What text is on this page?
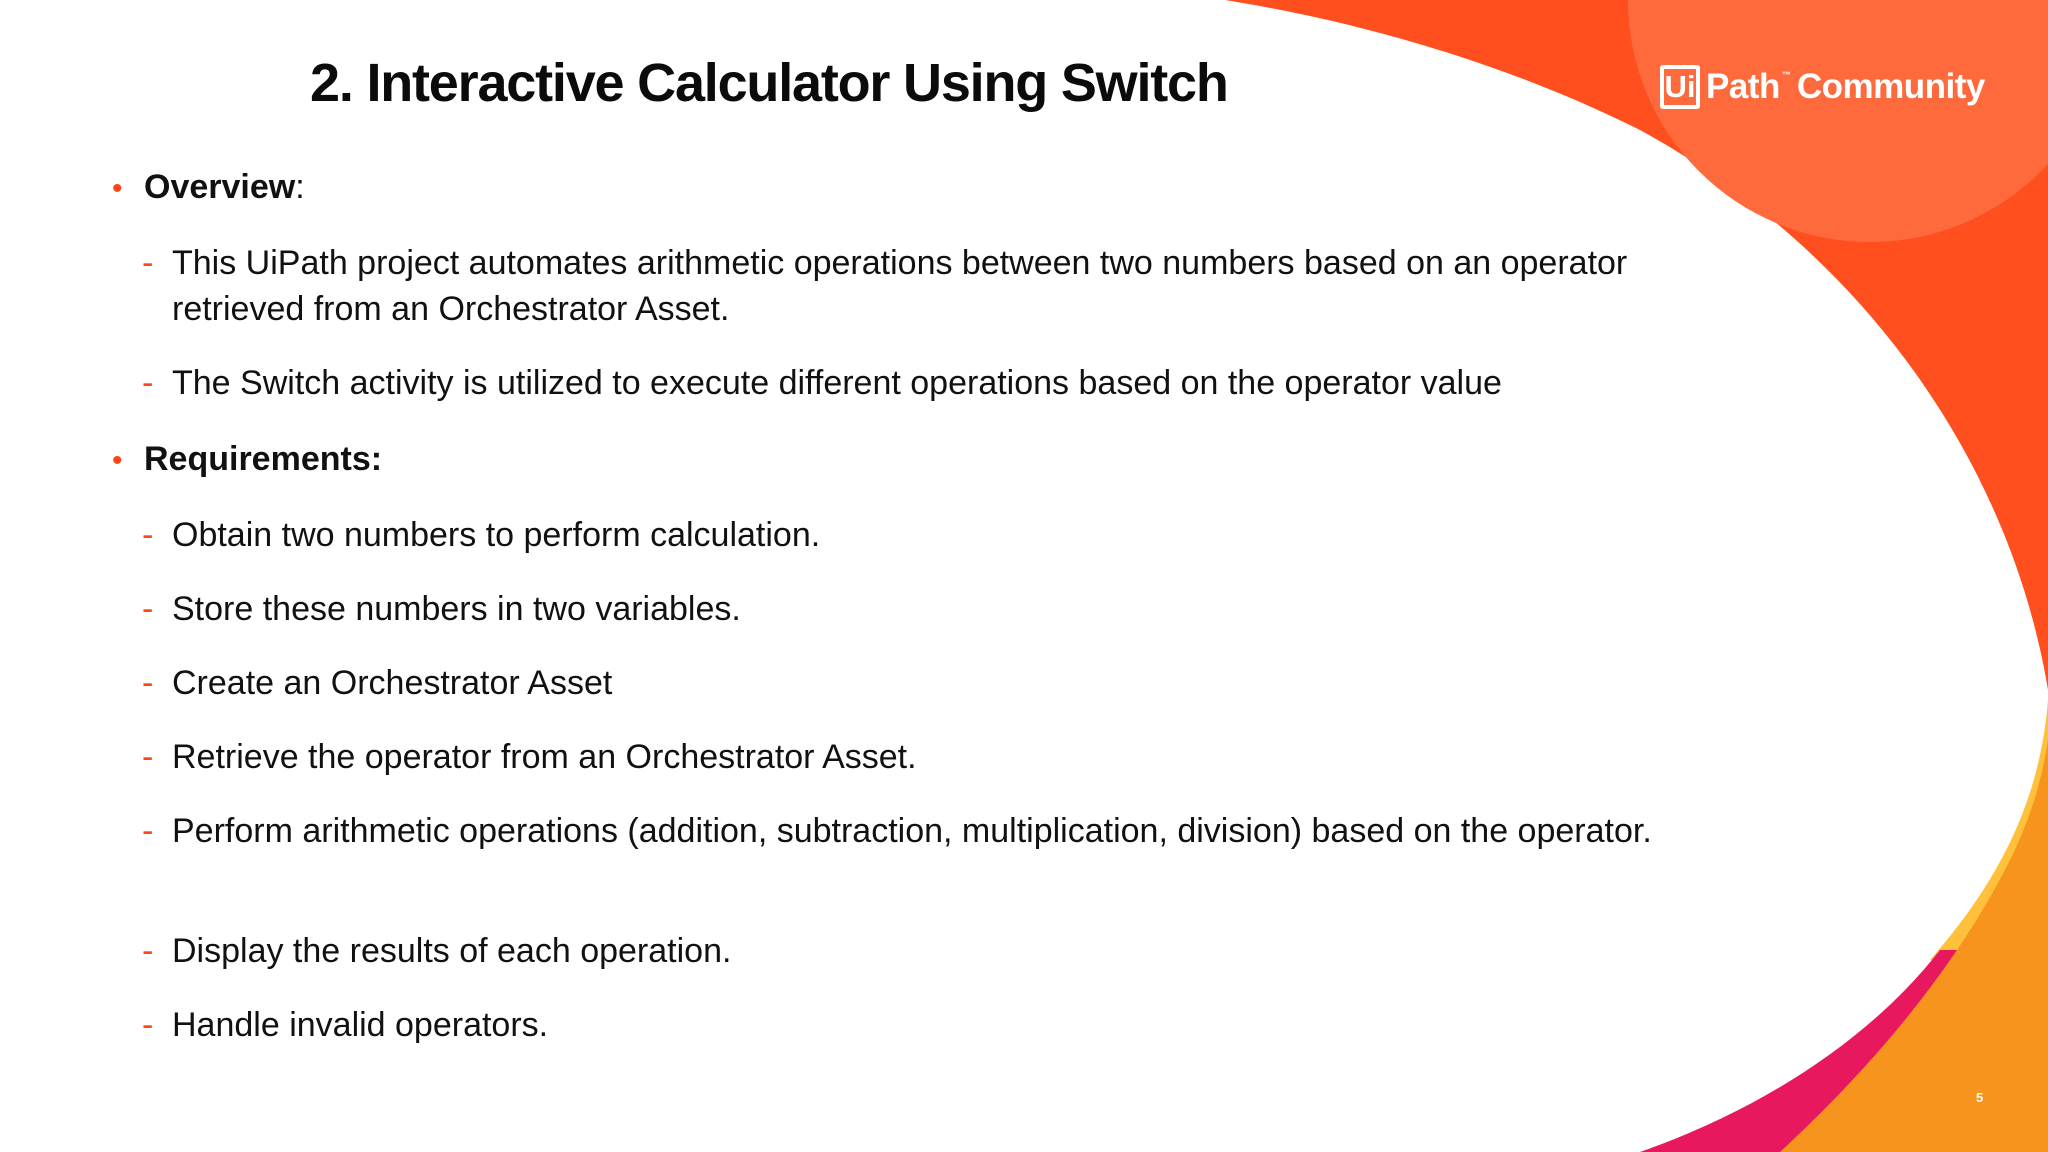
2. Interactive Calculator Using Switch	Ui Path ™ Community
• Overview :
- This UiPath project automates arithmetic operations between two numbers based on an operator retrieved from an Orchestrator Asset.
- The Switch activity is utilized to execute different operations based on the operator value
• Requirements:
- Obtain two numbers to perform calculation.
- Store these numbers in two variables.
- Create an Orchestrator Asset
- Retrieve the operator from an Orchestrator Asset.
- Perform arithmetic operations (addition, subtraction, multiplication, division) based on the operator.
- Display the results of each operation.
- Handle invalid operators.
5
